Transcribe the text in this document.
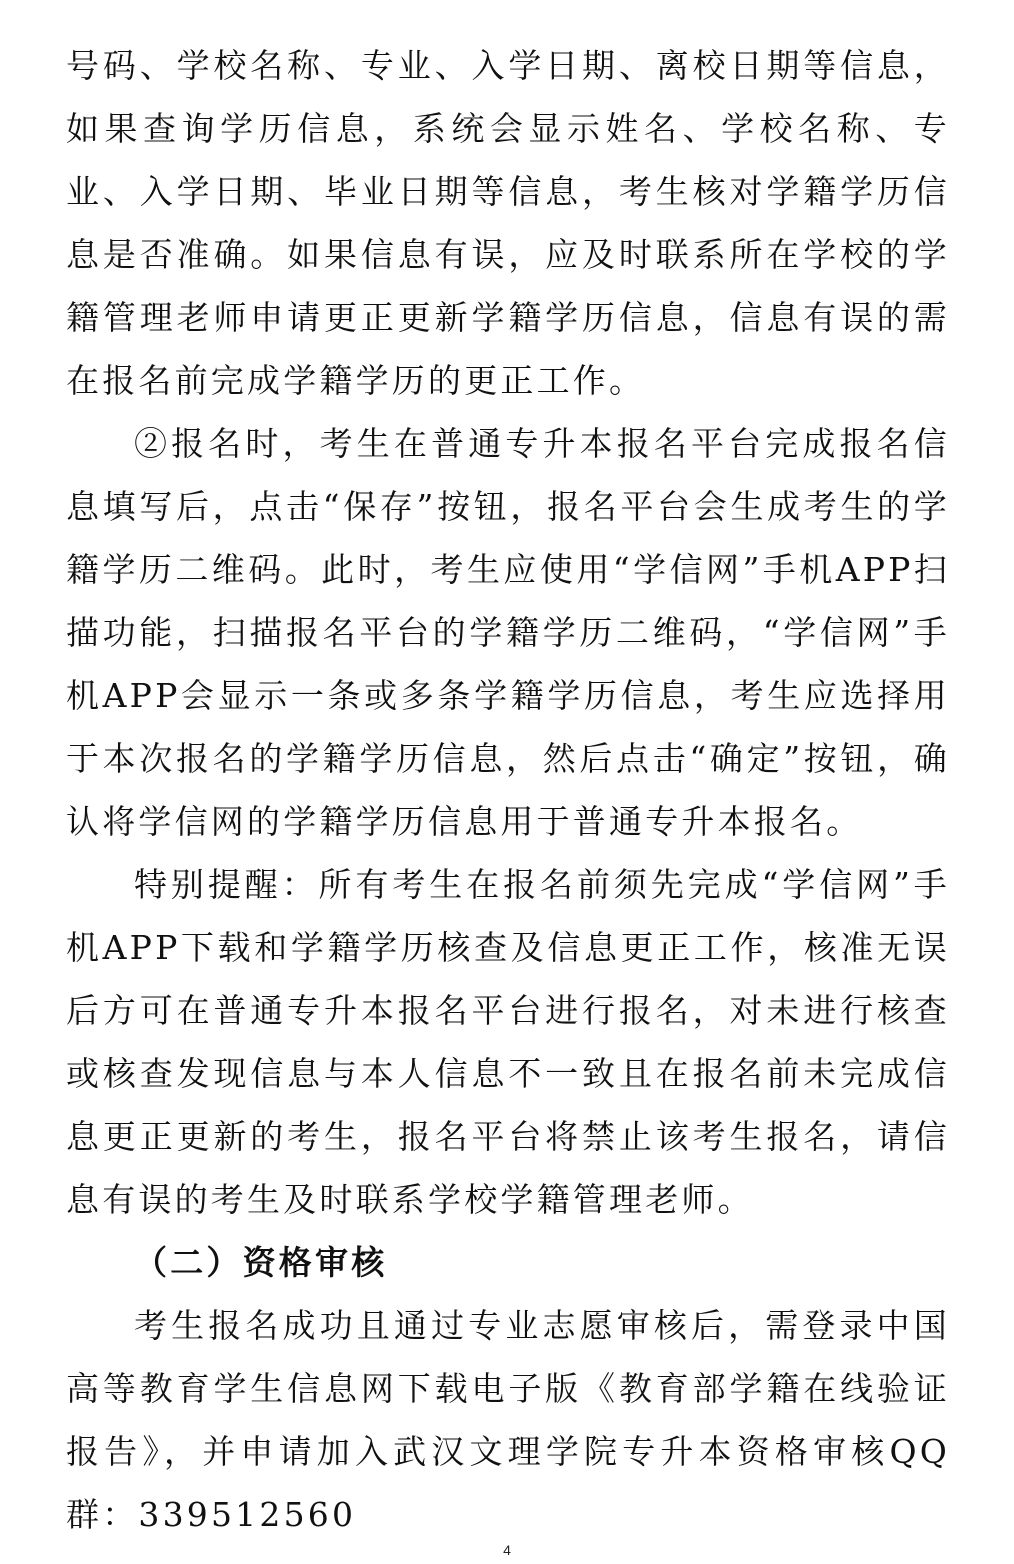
号码、学校名称、专业、入学日期、离校日期等信息，如果查询学历信息，系统会显示姓名、学校名称、专业、入学日期、毕业日期等信息，考生核对学籍学历信息是否准确。如果信息有误，应及时联系所在学校的学籍管理老师申请更正更新学籍学历信息，信息有误的需在报名前完成学籍学历的更正工作。

②报名时，考生在普通专升本报名平台完成报名信息填写后，点击“保存”按钮，报名平台会生成考生的学籍学历二维码。此时，考生应使用“学信网”手机APP扫描功能，扫描报名平台的学籍学历二维码，“学信网”手机APP会显示一条或多条学籍学历信息，考生应选择用于本次报名的学籍学历信息，然后点击“确定”按钮，确认将学信网的学籍学历信息用于普通专升本报名。

特别提醒：所有考生在报名前须先完成“学信网”手机APP下载和学籍学历核查及信息更正工作，核准无误后方可在普通专升本报名平台进行报名，对未进行核查或核查发现信息与本人信息不一致且在报名前未完成信息更正更新的考生，报名平台将禁止该考生报名，请信息有误的考生及时联系学校学籍管理老师。

（二）资格审核

考生报名成功且通过专业志愿审核后，需登录中国高等教育学生信息网下载电子版《教育部学籍在线验证报告》，并申请加入武汉文理学院专升本资格审核QQ群：339512560

4
